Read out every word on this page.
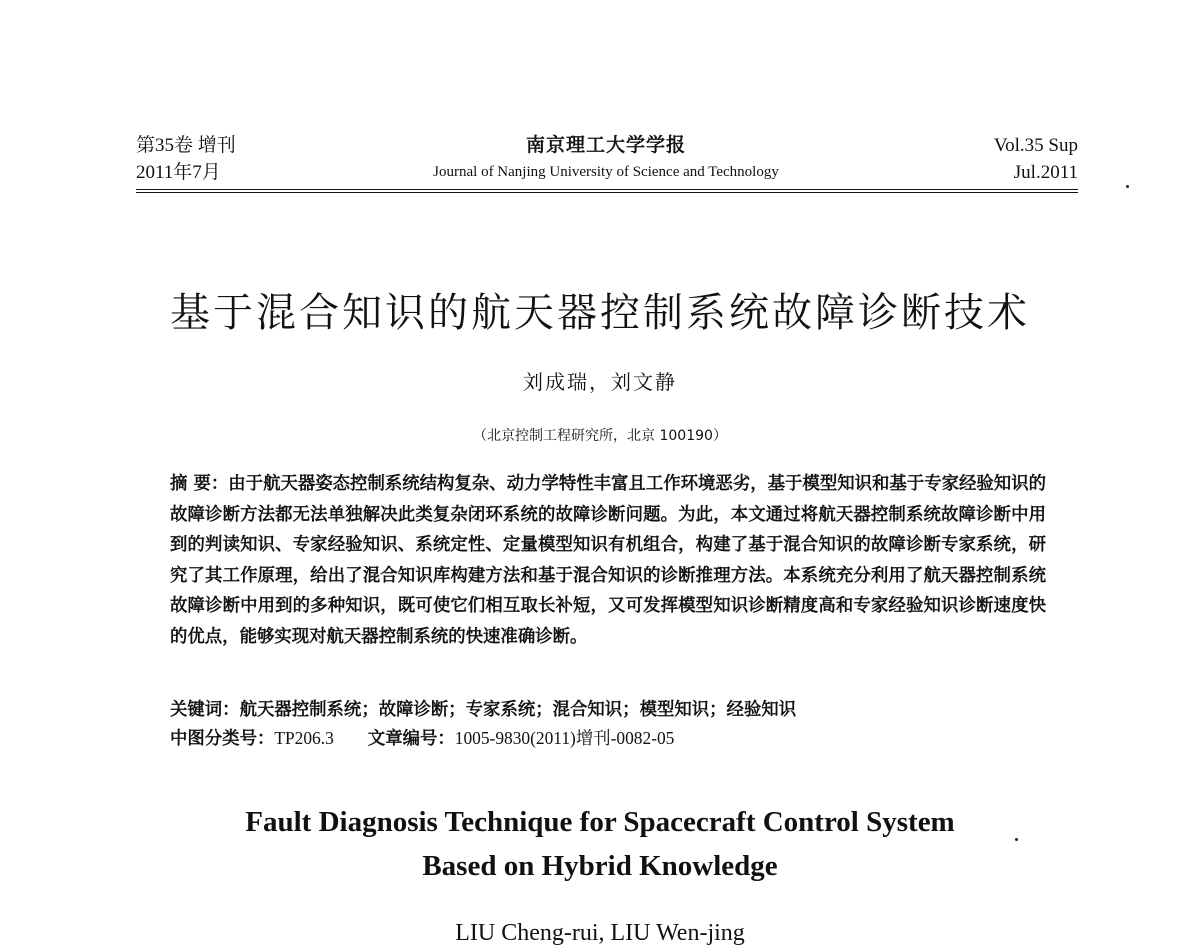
第35卷 增刊
2011年7月
南京理工大学学报
Journal of Nanjing University of Science and Technology
Vol.35 Sup
Jul.2011
基于混合知识的航天器控制系统故障诊断技术
刘成瑞，刘文静
（北京控制工程研究所，北京 100190）
摘 要：由于航天器姿态控制系统结构复杂、动力学特性丰富且工作环境恶劣，基于模型知识和基于专家经验知识的故障诊断方法都无法单独解决此类复杂闭环系统的故障诊断问题。为此，本文通过将航天器控制系统故障诊断中用到的判读知识、专家经验知识、系统定性、定量模型知识有机组合，构建了基于混合知识的故障诊断专家系统，研究了其工作原理，给出了混合知识库构建方法和基于混合知识的诊断推理方法。本系统充分利用了航天器控制系统故障诊断中用到的多种知识，既可使它们相互取长补短，又可发挥模型知识诊断精度高和专家经验知识诊断速度快的优点，能够实现对航天器控制系统的快速准确诊断。
关键词：航天器控制系统；故障诊断；专家系统；混合知识；模型知识；经验知识
中图分类号：TP206.3 文章编号：1005-9830(2011)增刊-0082-05
Fault Diagnosis Technique for Spacecraft Control System
Based on Hybrid Knowledge
LIU Cheng-rui, LIU Wen-jing
